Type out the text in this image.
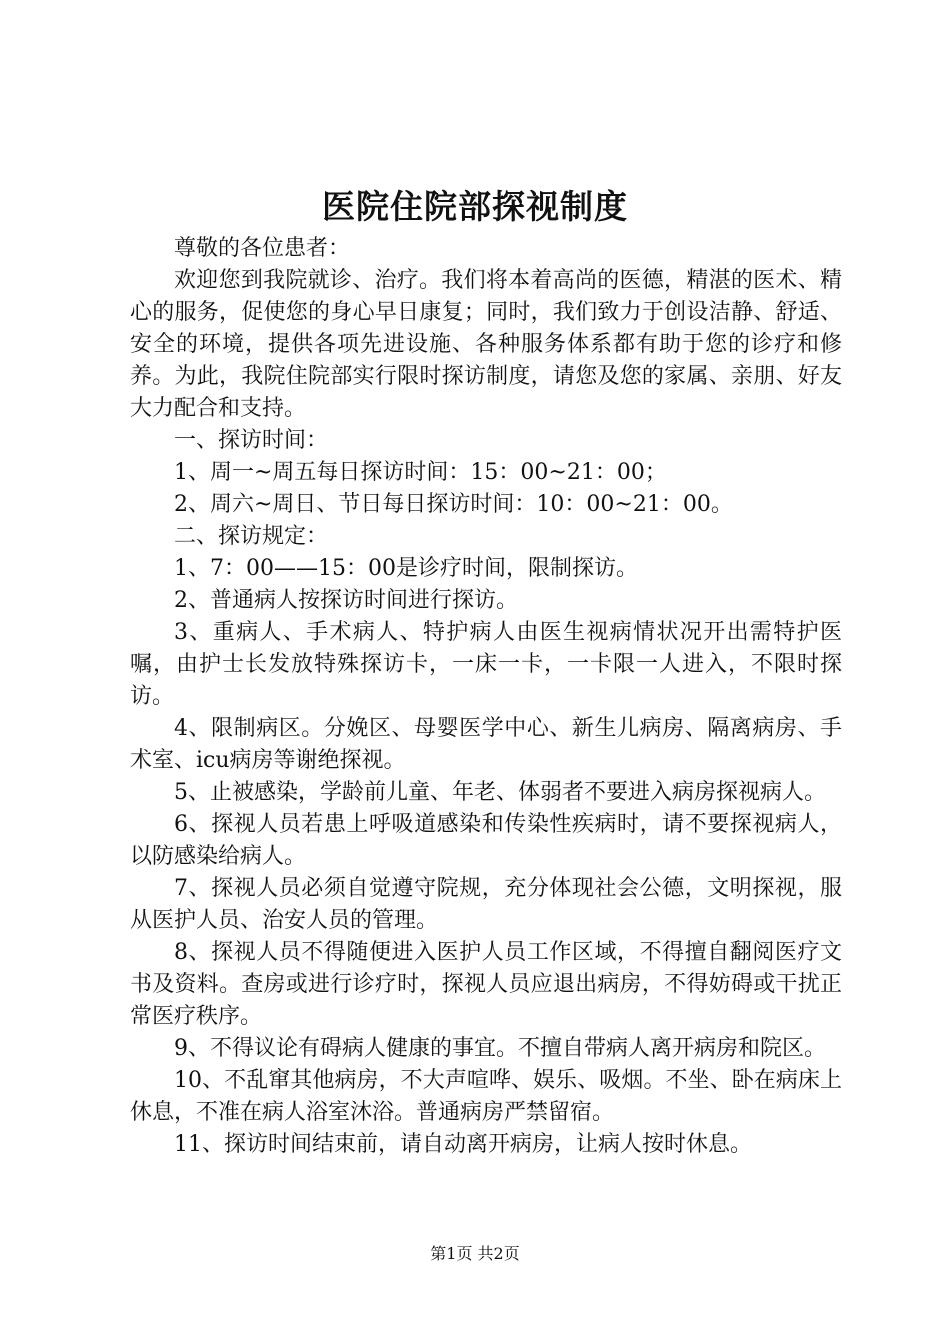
医院住院部探视制度

尊敬的各位患者：

欢迎您到我院就诊、治疗。我们将本着高尚的医德，精湛的医术、精心的服务，促使您的身心早日康复；同时，我们致力于创设洁静、舒适、安全的环境，提供各项先进设施、各种服务体系都有助于您的诊疗和修养。为此，我院住院部实行限时探访制度，请您及您的家属、亲朋、好友大力配合和支持。

一、探访时间：

1、周一~周五每日探访时间：15：00~21：00；

2、周六~周日、节日每日探访时间：10：00~21：00。

二、探访规定：

1、7：00——15：00是诊疗时间，限制探访。

2、普通病人按探访时间进行探访。

3、重病人、手术病人、特护病人由医生视病情状况开出需特护医嘱，由护士长发放特殊探访卡，一床一卡，一卡限一人进入，不限时探访。

4、限制病区。分娩区、母婴医学中心、新生儿病房、隔离病房、手术室、icu病房等谢绝探视。

5、止被感染，学龄前儿童、年老、体弱者不要进入病房探视病人。

6、探视人员若患上呼吸道感染和传染性疾病时，请不要探视病人，以防感染给病人。

7、探视人员必须自觉遵守院规，充分体现社会公德，文明探视，服从医护人员、治安人员的管理。

8、探视人员不得随便进入医护人员工作区域，不得擅自翻阅医疗文书及资料。查房或进行诊疗时，探视人员应退出病房，不得妨碍或干扰正常医疗秩序。

9、不得议论有碍病人健康的事宜。不擅自带病人离开病房和院区。

10、不乱窜其他病房，不大声喧哗、娱乐、吸烟。不坐、卧在病床上休息，不准在病人浴室沐浴。普通病房严禁留宿。

11、探访时间结束前，请自动离开病房，让病人按时休息。

第1页 共2页
